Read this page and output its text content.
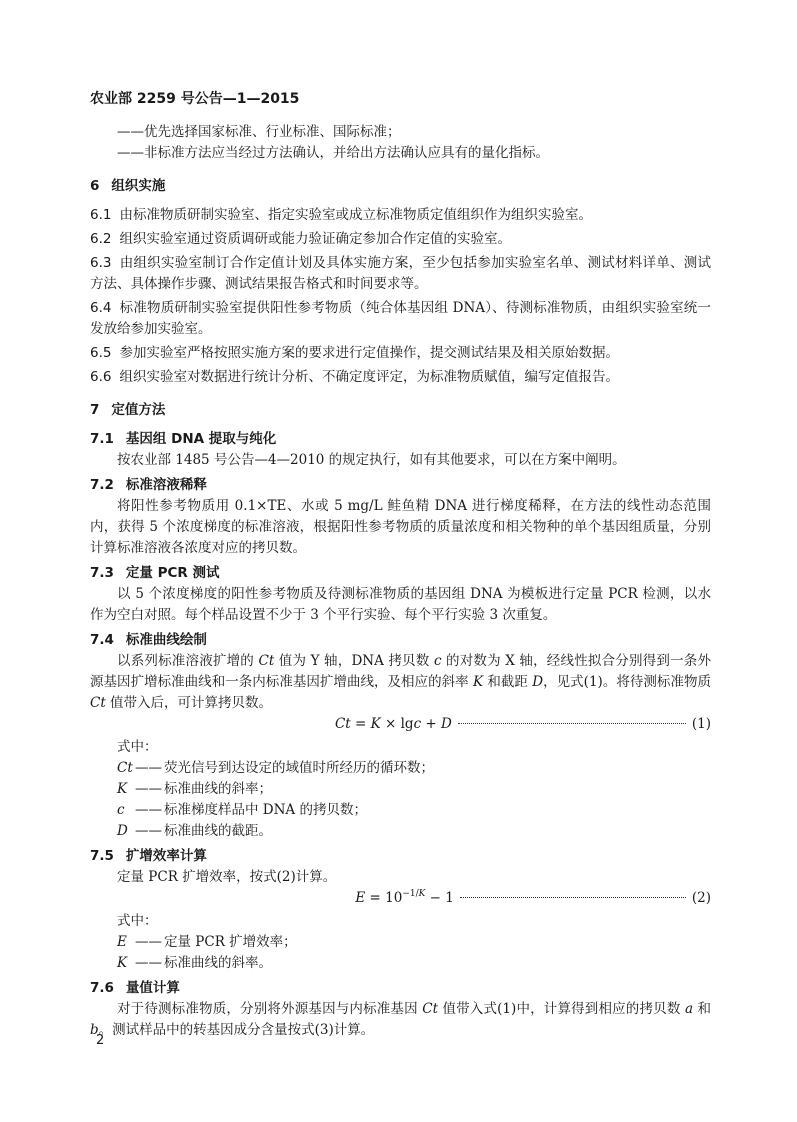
农业部 2259 号公告—1—2015

——优先选择国家标准、行业标准、国际标准；

——非标准方法应当经过方法确认，并给出方法确认应具有的量化指标。

6 组织实施

6.1 由标准物质研制实验室、指定实验室或成立标准物质定值组织作为组织实验室。

6.2 组织实验室通过资质调研或能力验证确定参加合作定值的实验室。

6.3 由组织实验室制订合作定值计划及具体实施方案，至少包括参加实验室名单、测试材料详单、测试方法、具体操作步骤、测试结果报告格式和时间要求等。

6.4 标准物质研制实验室提供阳性参考物质（纯合体基因组 DNA）、待测标准物质，由组织实验室统一发放给参加实验室。

6.5 参加实验室严格按照实施方案的要求进行定值操作，提交测试结果及相关原始数据。

6.6 组织实验室对数据进行统计分析、不确定度评定，为标准物质赋值，编写定值报告。

7 定值方法
7.1 基因组 DNA 提取与纯化

按农业部 1485 号公告—4—2010 的规定执行，如有其他要求，可以在方案中阐明。

7.2 标准溶液稀释

将阳性参考物质用 0.1×TE、水或 5 mg/L 鲑鱼精 DNA 进行梯度稀释，在方法的线性动态范围内，获得 5 个浓度梯度的标准溶液，根据阳性参考物质的质量浓度和相关物种的单个基因组质量，分别计算标准溶液各浓度对应的拷贝数。

7.3 定量 PCR 测试

以 5 个浓度梯度的阳性参考物质及待测标准物质的基因组 DNA 为模板进行定量 PCR 检测，以水作为空白对照。每个样品设置不少于 3 个平行实验、每个平行实验 3 次重复。

7.4 标准曲线绘制

以系列标准溶液扩增的 Ct 值为 Y 轴，DNA 拷贝数 c 的对数为 X 轴，经线性拟合分别得到一条外源基因扩增标准曲线和一条内标准基因扩增曲线，及相应的斜率 K 和截距 D，见式(1)。将待测标准物质 Ct 值带入后，可计算拷贝数。

Ct = K × lgc + D	(1)

式中：

Ct —— 荧光信号到达设定的域值时所经历的循环数；
K —— 标准曲线的斜率；
c —— 标准梯度样品中 DNA 的拷贝数；
D —— 标准曲线的截距。
7.5 扩增效率计算

定量 PCR 扩增效率，按式(2)计算。

$E = 10^{-1/K} - 1$	(2)

式中：

E —— 定量 PCR 扩增效率；
K —— 标准曲线的斜率。
7.6 量值计算

对于待测标准物质，分别将外源基因与内标准基因 Ct 值带入式(1)中，计算得到相应的拷贝数 a 和 b。测试样品中的转基因成分含量按式(3)计算。

2
